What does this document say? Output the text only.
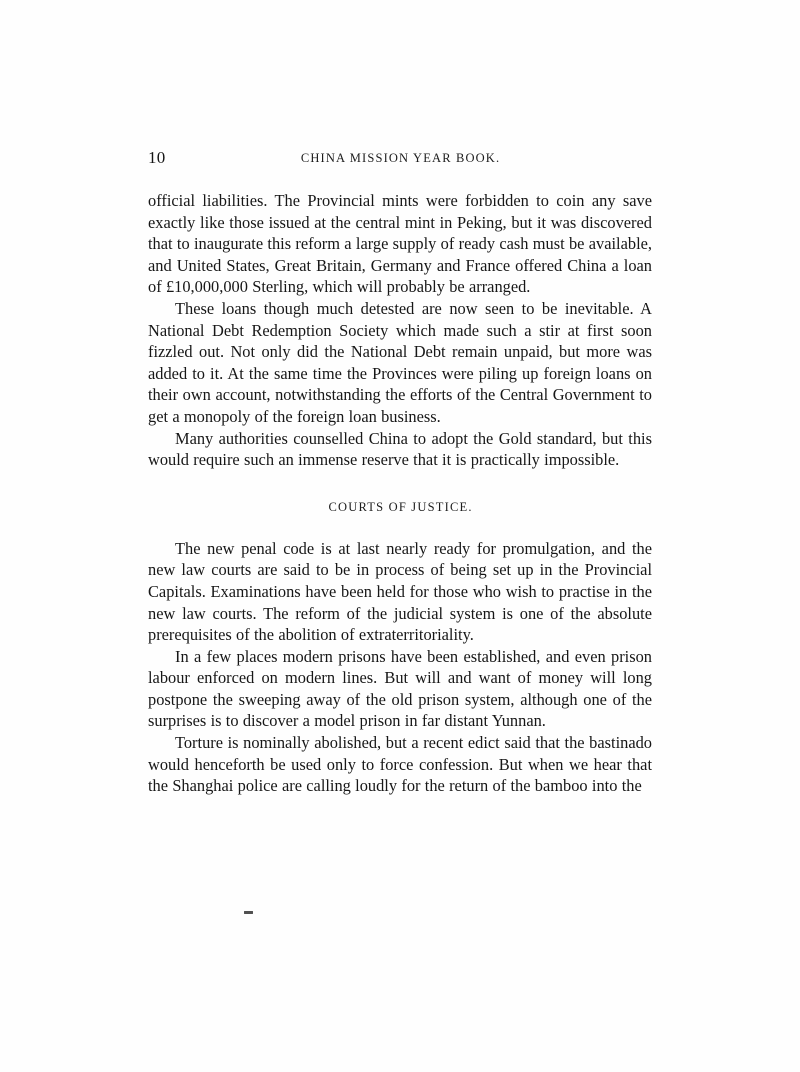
10	CHINA MISSION YEAR BOOK.

official liabilities. The Provincial mints were forbidden to coin any save exactly like those issued at the central mint in Peking, but it was discovered that to inaugurate this reform a large supply of ready cash must be available, and United States, Great Britain, Germany and France offered China a loan of £10,000,000 Sterling, which will probably be arranged.

These loans though much detested are now seen to be inevitable. A National Debt Redemption Society which made such a stir at first soon fizzled out. Not only did the National Debt remain unpaid, but more was added to it. At the same time the Provinces were piling up foreign loans on their own account, notwithstanding the efforts of the Central Government to get a monopoly of the foreign loan business.

Many authorities counselled China to adopt the Gold standard, but this would require such an immense reserve that it is practically impossible.

COURTS OF JUSTICE.

The new penal code is at last nearly ready for promulgation, and the new law courts are said to be in process of being set up in the Provincial Capitals. Examinations have been held for those who wish to practise in the new law courts. The reform of the judicial system is one of the absolute prerequisites of the abolition of extraterritoriality.

In a few places modern prisons have been established, and even prison labour enforced on modern lines. But will and want of money will long postpone the sweeping away of the old prison system, although one of the surprises is to discover a model prison in far distant Yunnan.

Torture is nominally abolished, but a recent edict said that the bastinado would henceforth be used only to force confession. But when we hear that the Shanghai police are calling loudly for the return of the bamboo into the
